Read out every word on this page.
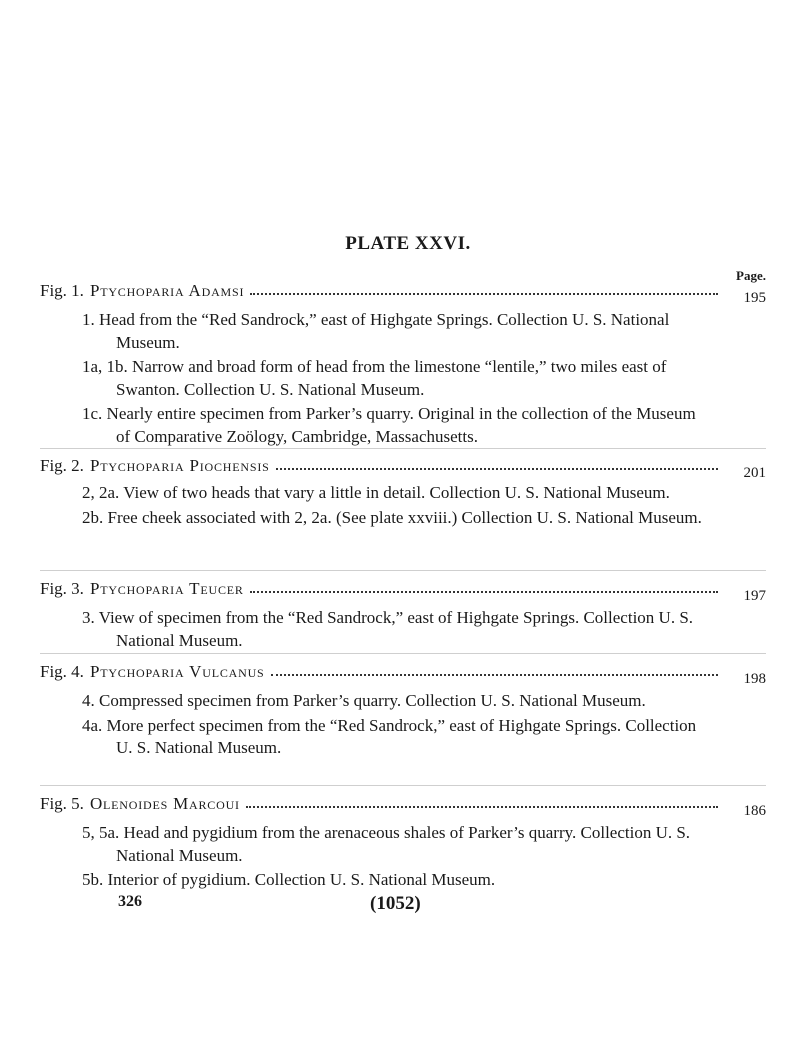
PLATE XXVI.
Page.
Fig. 1. Ptychoparia Adamsi	195
1. Head from the “Red Sandrock,” east of Highgate Springs. Collection U. S. National Museum.
1a, 1b. Narrow and broad form of head from the limestone “lentile,” two miles east of Swanton. Collection U. S. National Museum.
1c. Nearly entire specimen from Parker’s quarry. Original in the collection of the Museum of Comparative Zoölogy, Cambridge, Massachusetts.
Fig. 2. Ptychoparia Piochensis	201
2, 2a. View of two heads that vary a little in detail. Collection U. S. National Museum.
2b. Free cheek associated with 2, 2a. (See plate xxviii.) Collection U. S. National Museum.
Fig. 3. Ptychoparia Teucer	197
3. View of specimen from the “Red Sandrock,” east of Highgate Springs. Collection U. S. National Museum.
Fig. 4. Ptychoparia Vulcanus	198
4. Compressed specimen from Parker’s quarry. Collection U. S. National Museum.
4a. More perfect specimen from the “Red Sandrock,” east of Highgate Springs. Collection U. S. National Museum.
Fig. 5. Olenoides Marcoui	186
5, 5a. Head and pygidium from the arenaceous shales of Parker’s quarry. Collection U. S. National Museum.
5b. Interior of pygidium. Collection U. S. National Museum.
326	(1052)
